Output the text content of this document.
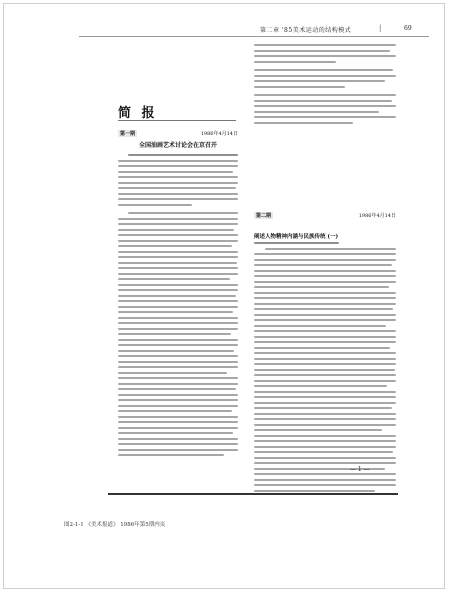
第二章 '85美术运动的结构模式	|	69
简 报
第一期	1986年4月14日
全国油画艺术讨论会在京召开
第二期	1986年4月14日
阐述人物精神内涵与民族传统 (一)
— 1 —
图2-1-1 《美术报道》 1986年第5期内页
